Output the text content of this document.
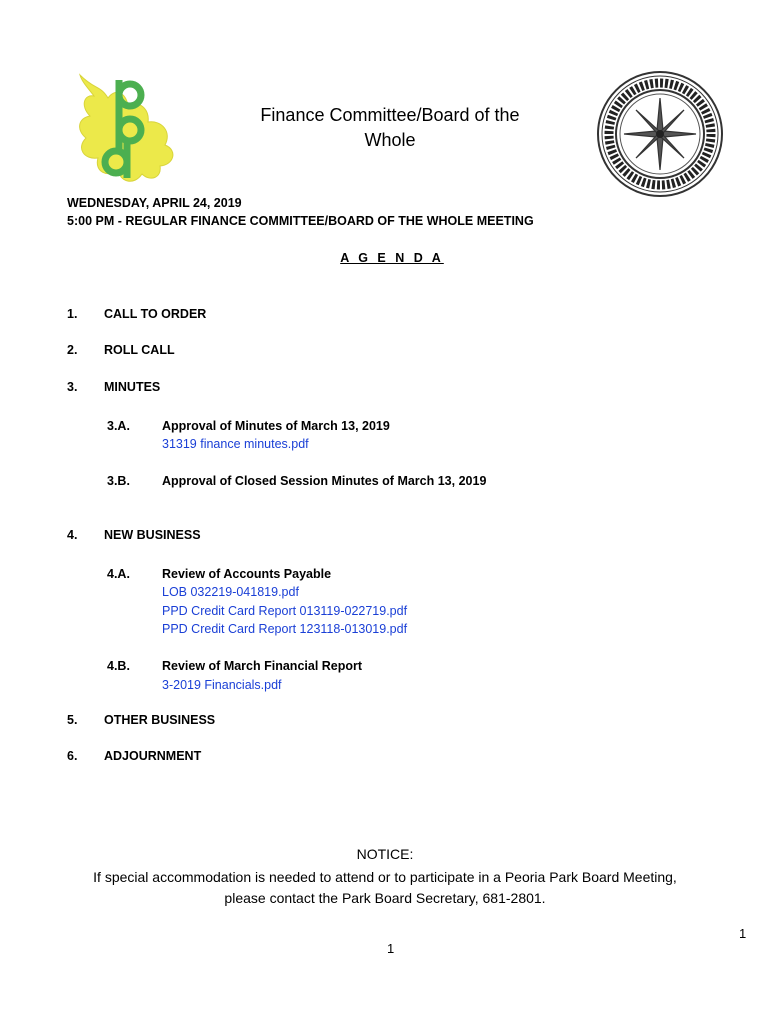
Finance Committee/Board of the
Whole
WEDNESDAY, APRIL 24, 2019
5:00 PM - REGULAR FINANCE COMMITTEE/BOARD OF THE WHOLE MEETING
A G E N D A
1. CALL TO ORDER
2. ROLL CALL
3. MINUTES
3.A.	Approval of Minutes of March 13, 2019
31319 finance minutes.pdf
3.B.	Approval of Closed Session Minutes of March 13, 2019
4. NEW BUSINESS
4.A.	Review of Accounts Payable
LOB 032219-041819.pdf
PPD Credit Card Report 013119-022719.pdf
PPD Credit Card Report 123118-013019.pdf
4.B.	Review of March Financial Report
3-2019 Financials.pdf
5. OTHER BUSINESS
6. ADJOURNMENT
NOTICE:
If special accommodation is needed to attend or to participate in a Peoria Park Board Meeting,
please contact the Park Board Secretary, 681-2801.
1
1
